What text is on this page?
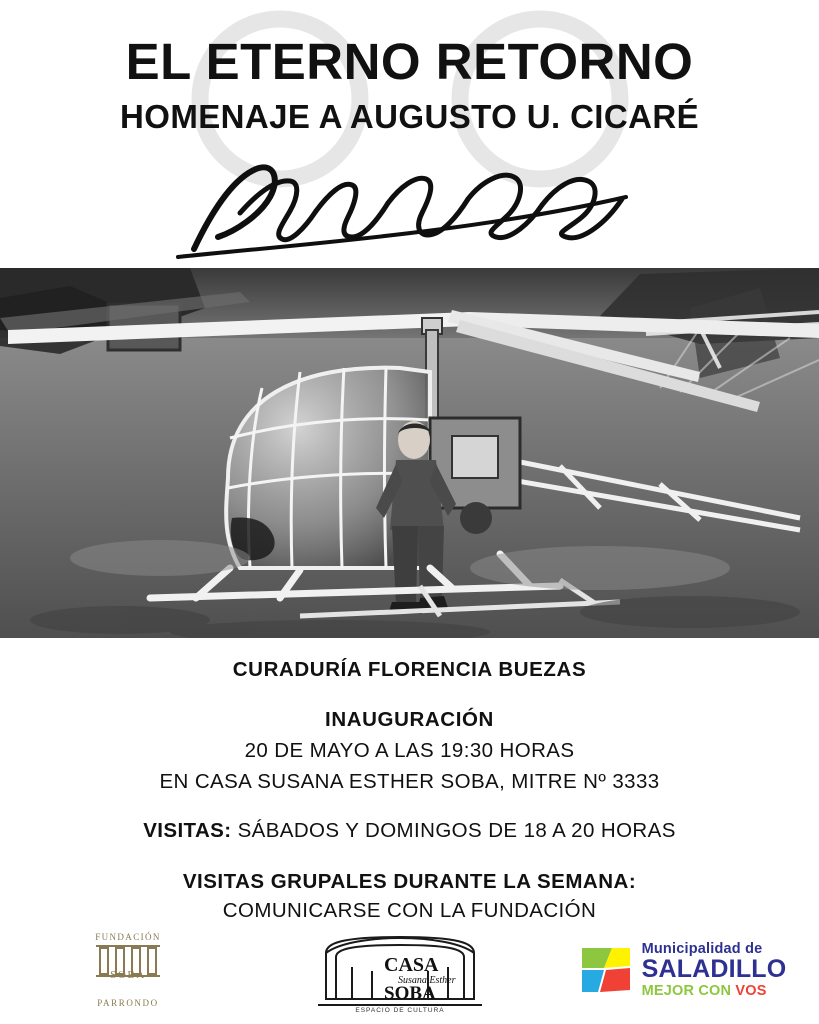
EL ETERNO RETORNO
HOMENAJE A AUGUSTO U. CICARÉ
CURADURÍA FLORENCIA BUEZAS
INAUGURACIÓN
20 DE MAYO A LAS 19:30 HORAS
EN CASA SUSANA ESTHER SOBA, MITRE Nº 3333
VISITAS: SÁBADOS Y DOMINGOS DE 18 A 20 HORAS
VISITAS GRUPALES DURANTE LA SEMANA:
COMUNICARSE CON LA FUNDACIÓN
FUNDACIÓN
SOBA
PARRONDO
CASA
Susana Esther
SOBA
ESPACIO DE CULTURA
Municipalidad de
SALADILLO
MEJOR CON VOS
